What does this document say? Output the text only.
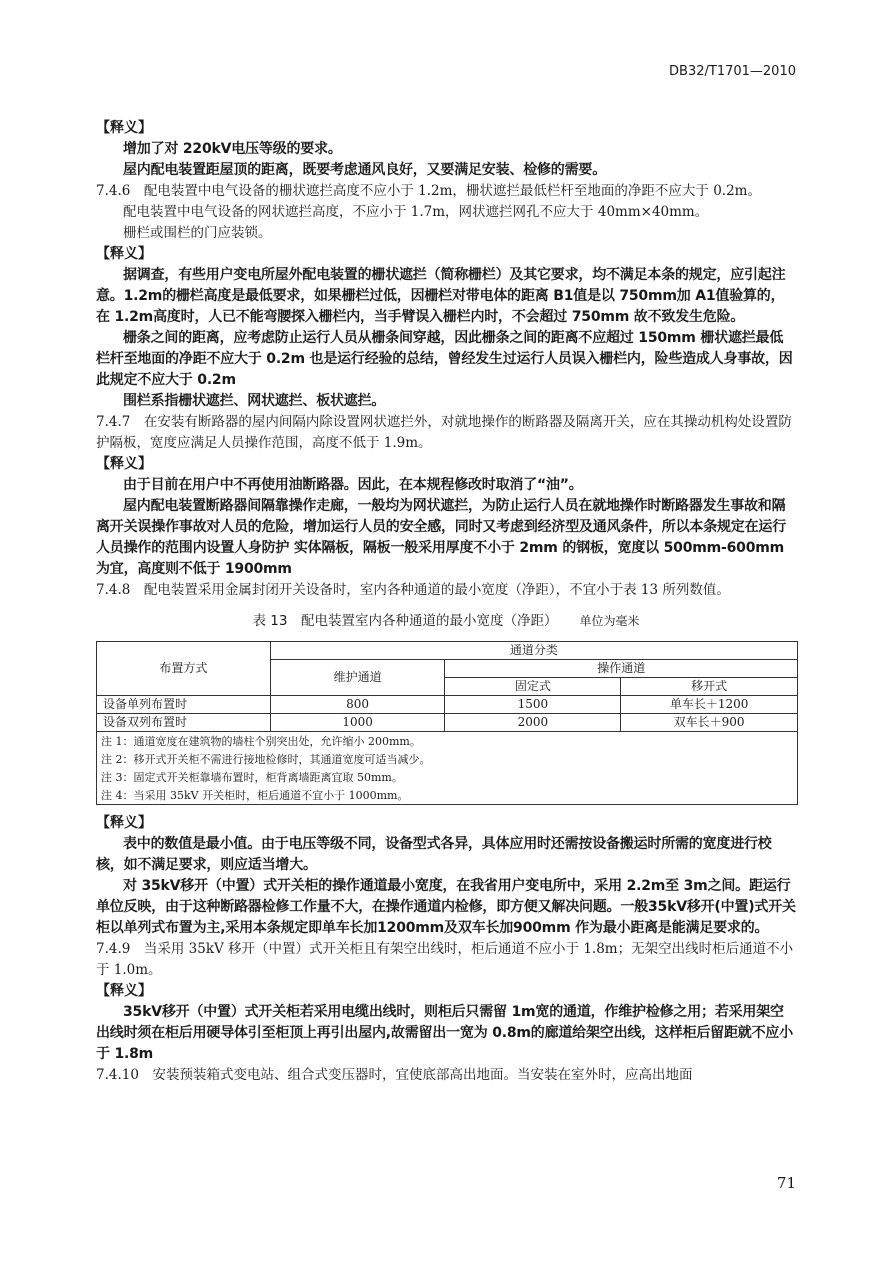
DB32/T1701—2010

【释义】

增加了对 220kV电压等级的要求。

屋内配电装置距屋顶的距离，既要考虑通风良好，又要满足安装、检修的需要。

7.4.6　配电装置中电气设备的栅状遮拦高度不应小于 1.2m，栅状遮拦最低栏杆至地面的净距不应大于 0.2m。

配电装置中电气设备的网状遮拦高度，不应小于 1.7m，网状遮拦网孔不应大于 40mm×40mm。

栅栏或围栏的门应装锁。

【释义】

据调查，有些用户变电所屋外配电装置的栅状遮拦（简称栅栏）及其它要求，均不满足本条的规定，应引起注意。1.2m的栅栏高度是最低要求，如果栅栏过低，因栅栏对带电体的距离 B1值是以 750mm加 A1值验算的，在 1.2m高度时，人已不能弯腰探入栅栏内，当手臂误入栅栏内时，不会超过 750mm 故不致发生危险。

栅条之间的距离，应考虑防止运行人员从栅条间穿越，因此栅条之间的距离不应超过 150mm 栅状遮拦最低栏杆至地面的净距不应大于 0.2m 也是运行经验的总结，曾经发生过运行人员误入栅栏内，险些造成人身事故，因此规定不应大于 0.2m

围栏系指栅状遮拦、网状遮拦、板状遮拦。

7.4.7　在安装有断路器的屋内间隔内除设置网状遮拦外，对就地操作的断路器及隔离开关，应在其操动机构处设置防护隔板，宽度应满足人员操作范围，高度不低于 1.9m。

【释义】

由于目前在用户中不再使用油断路器。因此，在本规程修改时取消了“油”。

屋内配电装置断路器间隔靠操作走廊，一般均为网状遮拦，为防止运行人员在就地操作时断路器发生事故和隔离开关误操作事故对人员的危险，增加运行人员的安全感，同时又考虑到经济型及通风条件，所以本条规定在运行人员操作的范围内设置人身防护 实体隔板，隔板一般采用厚度不小于 2mm 的钢板，宽度以 500mm-600mm为宜，高度则不低于 1900mm

7.4.8　配电装置采用金属封闭开关设备时，室内各种通道的最小宽度（净距），不宜小于表 13 所列数值。

表 13　配电装置室内各种通道的最小宽度（净距） 单位为毫米
布置方式	通道分类		
	维护通道	操作通道	
		固定式	移开式
设备单列布置时	800	1500	单车长＋1200
设备双列布置时	1000	2000	双车长＋900
注 1：通道宽度在建筑物的墙柱个别突出处，允许缩小 200mm。			
注 2：移开式开关柜不需进行接地检修时，其通道宽度可适当减少。			
注 3：固定式开关柜靠墙布置时，柜背离墙距离宜取 50mm。			
注 4：当采用 35kV 开关柜时，柜后通道不宜小于 1000mm。			

【释义】

表中的数值是最小值。由于电压等级不同，设备型式各异，具体应用时还需按设备搬运时所需的宽度进行校核，如不满足要求，则应适当增大。

对 35kV移开（中置）式开关柜的操作通道最小宽度，在我省用户变电所中，采用 2.2m至 3m之间。距运行单位反映，由于这种断路器检修工作量不大，在操作通道内检修，即方便又解决问题。一般35kV移开(中置)式开关柜以单列式布置为主,采用本条规定即单车长加1200mm及双车长加900mm 作为最小距离是能满足要求的。

7.4.9　当采用 35kV 移开（中置）式开关柜且有架空出线时，柜后通道不应小于 1.8m；无架空出线时柜后通道不小于 1.0m。

【释义】

35kV移开（中置）式开关柜若采用电缆出线时，则柜后只需留 1m宽的通道，作维护检修之用；若采用架空出线时须在柜后用硬导体引至柜顶上再引出屋内,故需留出一宽为 0.8m的廊道给架空出线，这样柜后留距就不应小于 1.8m

7.4.10　安装预装箱式变电站、组合式变压器时，宜使底部高出地面。当安装在室外时，应高出地面

71
